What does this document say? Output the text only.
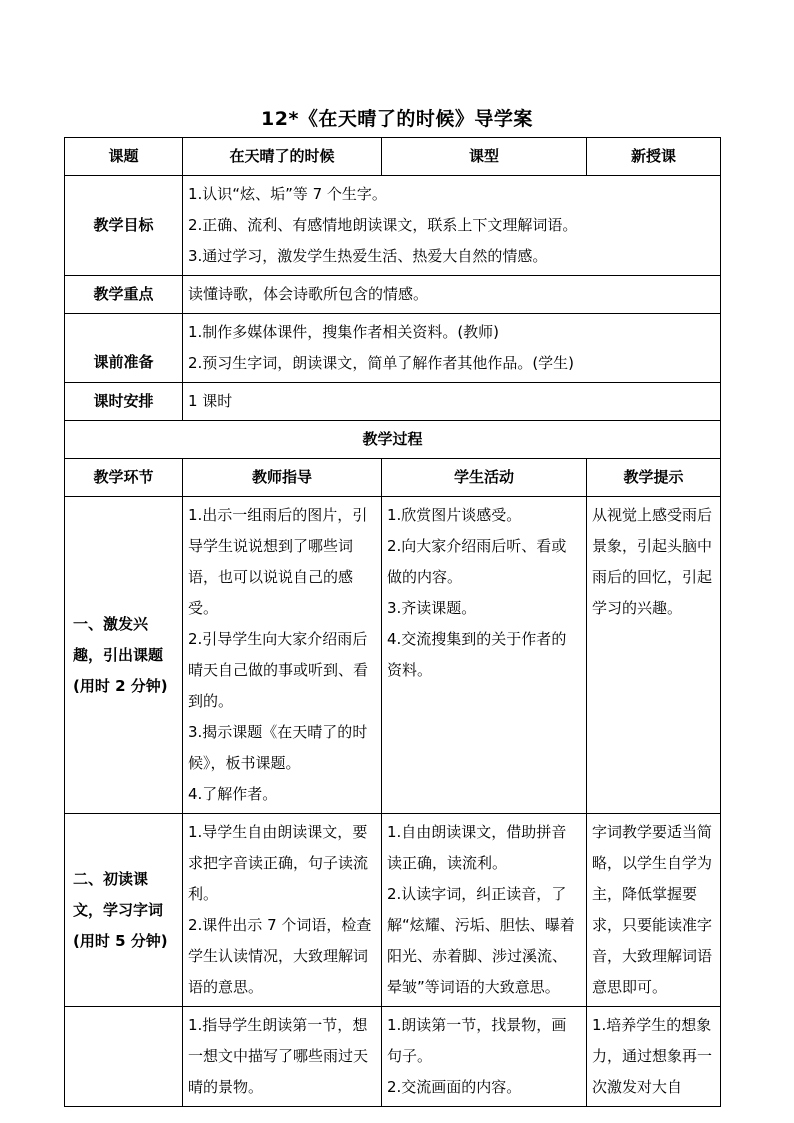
12*《在天晴了的时候》导学案
课题	在天晴了的时候	课型	新授课
教学目标	1.认识“炫、垢”等 7 个生字。
2.正确、流利、有感情地朗读课文，联系上下文理解词语。
3.通过学习，激发学生热爱生活、热爱大自然的情感。		

教学重点	读懂诗歌，体会诗歌所包含的情感。		
课前准备	1.制作多媒体课件，搜集作者相关资料。(教师)
2.预习生字词，朗读课文，简单了解作者其他作品。(学生)		

课时安排	1 课时		
教学过程			
教学环节	教师指导	学生活动	教学提示
一、激发兴趣，引出课题(用时 2 分钟)	1.出示一组雨后的图片，引导学生说说想到了哪些词语，也可以说说自己的感受。
2.引导学生向大家介绍雨后晴天自己做的事或听到、看到的。
3.揭示课题《在天晴了的时候》，板书课题。
4.了解作者。	1.欣赏图片谈感受。
2.向大家介绍雨后听、看或做的内容。
3.齐读课题。
4.交流搜集到的关于作者的资料。	从视觉上感受雨后景象，引起头脑中雨后的回忆，引起学习的兴趣。
二、初读课文，学习字词(用时 5 分钟)	1.导学生自由朗读课文，要求把字音读正确，句子读流利。
2.课件出示 7 个词语，检查学生认读情况，大致理解词语的意思。	1.自由朗读课文，借助拼音读正确，读流利。
2.认读字词，纠正读音，了解“炫耀、污垢、胆怯、曝着阳光、赤着脚、涉过溪流、晕皱”等词语的大致意思。	字词教学要适当简略，以学生自学为主，降低掌握要求，只要能读准字音，大致理解词语意思即可。

	1.指导学生朗读第一节，想一想文中描写了哪些雨过天晴的景物。	1.朗读第一节，找景物，画句子。
2.交流画面的内容。	1.培养学生的想象力，通过想象再一次激发对大自
